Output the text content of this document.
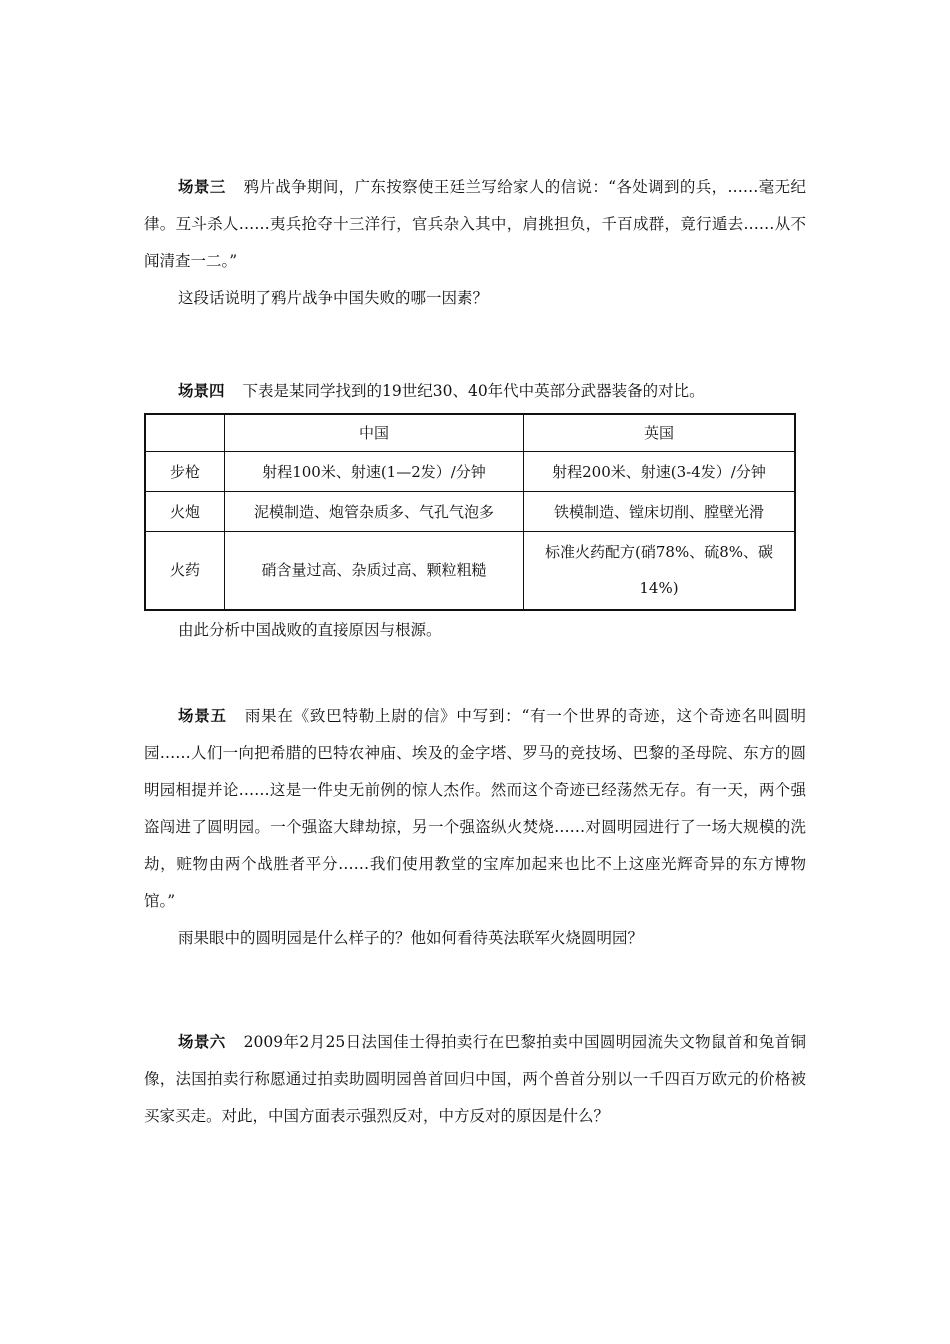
场景三 鸦片战争期间，广东按察使王廷兰写给家人的信说：“各处调到的兵，……毫无纪律。互斗杀人……夷兵抢夺十三洋行，官兵杂入其中，肩挑担负，千百成群，竟行遁去……从不闻清查一二。”

这段话说明了鸦片战争中国失败的哪一因素？

场景四 下表是某同学找到的19世纪30、40年代中英部分武器装备的对比。

	中国	英国
步枪	射程100米、射速(1—2发）/分钟	射程200米、射速(3-4发）/分钟
火炮	泥模制造、炮管杂质多、气孔气泡多	铁模制造、镗床切削、膛壁光滑
火药	硝含量过高、杂质过高、颗粒粗糙	标准火药配方(硝78%、硫8%、碳14%)

由此分析中国战败的直接原因与根源。

场景五 雨果在《致巴特勒上尉的信》中写到：“有一个世界的奇迹，这个奇迹名叫圆明园……人们一向把希腊的巴特农神庙、埃及的金字塔、罗马的竞技场、巴黎的圣母院、东方的圆明园相提并论……这是一件史无前例的惊人杰作。然而这个奇迹已经荡然无存。有一天，两个强盗闯进了圆明园。一个强盗大肆劫掠，另一个强盗纵火焚烧……对圆明园进行了一场大规模的洗劫，赃物由两个战胜者平分……我们使用教堂的宝库加起来也比不上这座光辉奇异的东方博物馆。”

雨果眼中的圆明园是什么样子的？他如何看待英法联军火烧圆明园？

场景六 2009年2月25日法国佳士得拍卖行在巴黎拍卖中国圆明园流失文物鼠首和兔首铜像，法国拍卖行称愿通过拍卖助圆明园兽首回归中国，两个兽首分别以一千四百万欧元的价格被买家买走。对此，中国方面表示强烈反对，中方反对的原因是什么？
